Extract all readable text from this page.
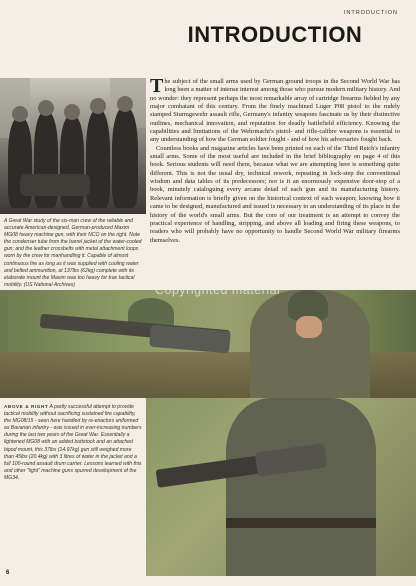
INTRODUCTION
INTRODUCTION

A Great War study of the six-man crew of the reliable and accurate American-designed, German-produced Maxim MG08 heavy machine gun, with their NCO on the right. Note the condenser tube from the barrel jacket of the water-cooled gun; and the leather crossbelts with metal attachment loops worn by the crew for manhandling it. Capable of almost continuous fire as long as it was supplied with cooling water and belted ammunition, at 137lbs (62kg) complete with its elaborate mount the Maxim was too heavy for true tactical mobility. (US National Archives)

The subject of the small arms used by German ground troops in the Second World War has long been a matter of intense interest among those who pursue modern military history. And no wonder: they represent perhaps the most remarkable array of cartridge firearms fielded by any major combatant of this century. From the finely machined Luger P08 pistol to the rudely stamped Sturmgewehr assault rifle, Germany's infantry weapons fascinate us by their distinctive outlines, mechanical innovation, and reputation for deadly battlefield efficiency. Knowing the capabilities and limitations of the Wehrmacht's pistol- and rifle-calibre weapons is essential to any understanding of how the German soldier fought - and of how his adversaries fought back.

Countless books and magazine articles have been printed on each of the Third Reich's infantry small arms. Some of the most useful are included in the brief bibliography on page 4 of this book. Serious students will need them, because what we are attempting here is something quite different. This is not the usual dry, technical rework, repeating in lock-step the conventional wisdom and data tables of its predecessors; nor is it an enormously expensive door-stop of a book, minutely cataloguing every arcane detail of each gun and its manufacturing history. Relevant information is briefly given on the historical context of each weapon; knowing how it came to be designed, manufactured and issued is necessary to an understanding of its place in the history of the world's small arms. But the core of our treatment is an attempt to convey the practical experience of handling, stripping, and above all loading and firing these weapons, to readers who will probably have no opportunity to handle Second World War military firearms themselves.

Copyrighted material

ABOVE & RIGHT A partly successful attempt to provide tactical mobility without sacrificing sustained fire capability, the MG08/15 - seen here handled by re-enactors uniformed as Bavarian infantry - was issued in ever-increasing numbers during the last two years of the Great War. Essentially a lightened MG08 with an added buttstock and an attached bipod mount, this 37lbs (14.97kg) gun still weighed more than 45lbs (20.4kg) with 3 litres of water in the jacket and a full 100-round assault drum carrier. Lessons learned with this and other "light" machine guns spurred development of the MG34.

6
